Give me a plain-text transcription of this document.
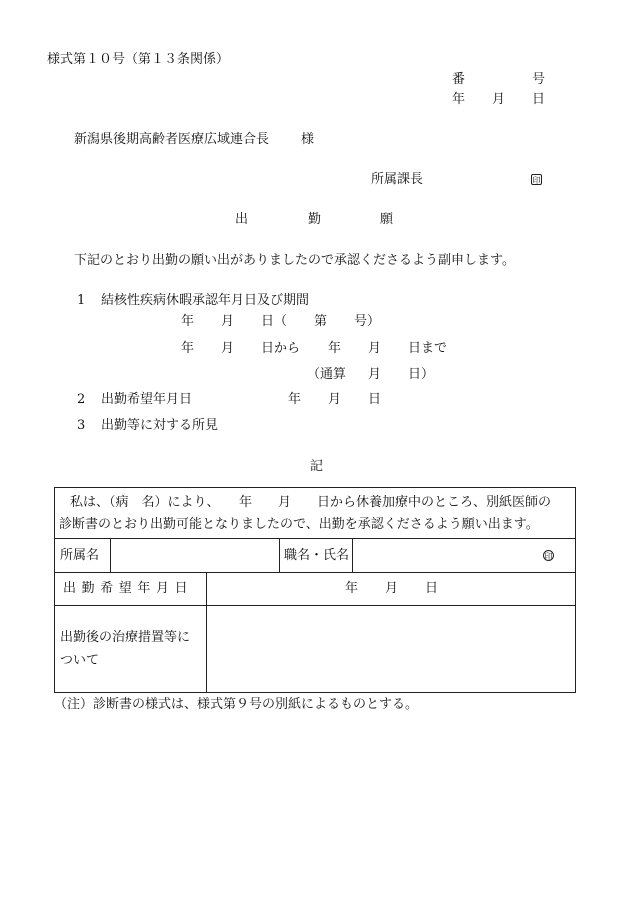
様式第１０号（第１３条関係）
番	号
年 月 日
新潟県後期高齢者医療広域連合長 様
所属課長	印
出	勤	願
下記のとおり出勤の願い出がありましたので承認くださるよう副申します。
1 結核性疾病休暇承認年月日及び期間
年 月 日（ 第 号）
年 月 日から 年 月 日まで
（通算 月 日）
2 出勤希望年月日	年 月 日
3 出勤等に対する所見
記
私は、（病　名）により、　　年　　月　　日から休養加療中のところ、別紙医師の
診断書のとおり出勤可能となりましたので、出勤を承認くださるよう願い出ます。
所属名	職名・氏名	印
出勤希望年月日	年 月 日
出勤後の治療措置等に
ついて
（注）診断書の様式は、様式第９号の別紙によるものとする。
